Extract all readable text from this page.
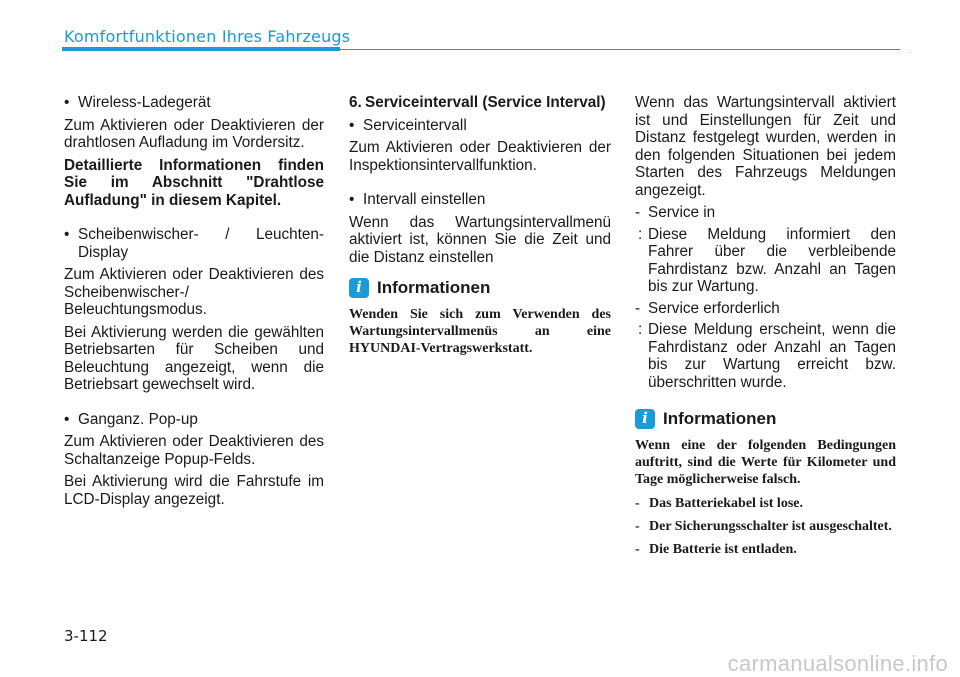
Komfortfunktionen Ihres Fahrzeugs
• Wireless-Ladegerät

Zum Aktivieren oder Deaktivieren der drahtlosen Aufladung im Vordersitz.

Detaillierte Informationen finden Sie im Abschnitt "Drahtlose Aufladung" in diesem Kapitel.

• Scheibenwischer- / Leuchten-Display

Zum Aktivieren oder Deaktivieren des Scheibenwischer-/ Beleuchtungsmodus.

Bei Aktivierung werden die gewählten Betriebsarten für Scheiben und Beleuchtung angezeigt, wenn die Betriebsart gewechselt wird.

• Ganganz. Pop-up

Zum Aktivieren oder Deaktivieren des Schaltanzeige Popup-Felds.

Bei Aktivierung wird die Fahrstufe im LCD-Display angezeigt.

6. Serviceintervall (Service Interval)
• Serviceintervall

Zum Aktivieren oder Deaktivieren der Inspektionsintervallfunktion.

• Intervall einstellen

Wenn das Wartungsintervallmenü aktiviert ist, können Sie die Zeit und die Distanz einstellen

i Informationen

Wenden Sie sich zum Verwenden des Wartungsintervallmenüs an eine HYUNDAI-Vertragswerkstatt.

Wenn das Wartungsintervall aktiviert ist und Einstellungen für Zeit und Distanz festgelegt wurden, werden in den folgenden Situationen bei jedem Starten des Fahrzeugs Meldungen angezeigt.

- Service in
: Diese Meldung informiert den Fahrer über die verbleibende Fahrdistanz bzw. Anzahl an Tagen bis zur Wartung.
- Service erforderlich
: Diese Meldung erscheint, wenn die Fahrdistanz oder Anzahl an Tagen bis zur Wartung erreicht bzw. überschritten wurde.
i Informationen

Wenn eine der folgenden Bedingungen auftritt, sind die Werte für Kilometer und Tage möglicherweise falsch.

- Das Batteriekabel ist lose.
- Der Sicherungsschalter ist ausgeschaltet.
- Die Batterie ist entladen.
3-112
carmanualsonline.info
